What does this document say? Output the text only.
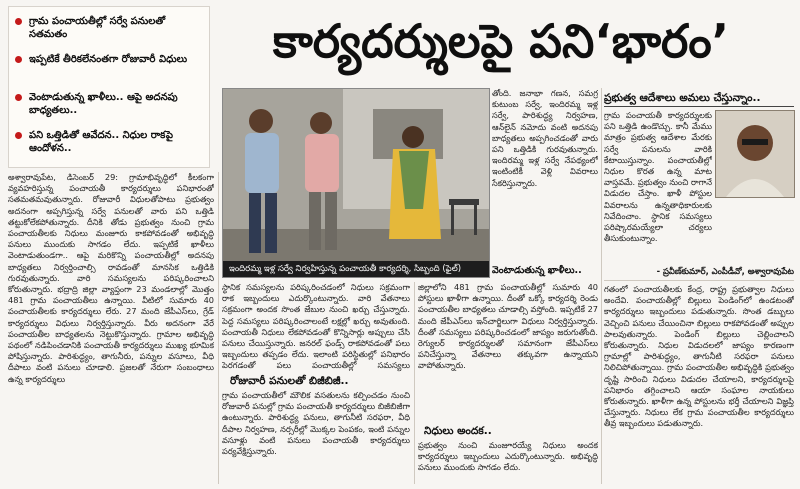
గ్రామ పంచాయతీల్లో సర్వే పనులతో సతమతం
ఇప్పటికే తీరికలేనంతగా రోజువారీ విధులు
వెంటాడుతున్న ఖాళీలు.. ఆపై అదనపు బాధ్యతలు..
పని ఒత్తిడితో ఆవేదన.. నిధుల రాకపై ఆందోళన..
కార్యదర్శులపై పని‘భారం’
ఇందిరమ్మ ఇళ్ల సర్వే నిర్వహిస్తున్న పంచాయతీ కార్యదర్శి, సిబ్బంది (ఫైల్)
అశ్వారావుపేట, డిసెంబర్ 29: గ్రామాభివృద్ధిలో కీలకంగా వ్యవహరిస్తున్న పంచాయతీ కార్యదర్శులు పనిభారంతో సతమతమవుతున్నారు. రోజువారీ విధులతోపాటు ప్రభుత్వం అదనంగా అప్పగిస్తున్న సర్వే పనులతో వారు పని ఒత్తిడి తట్టుకోలేకపోతున్నారు. దీనికి తోడు ప్రభుత్వం నుంచి గ్రామ పంచాయతీలకు నిధులు మంజూరు కాకపోవడంతో అభివృద్ధి పనులు ముందుకు సాగడం లేదు. ఇప్పటికే ఖాళీలు వెంటాడుతుండగా.. ఆపై మరికొన్ని పంచాయతీల్లో అదనపు బాధ్యతలు నిర్వర్తించాల్సి రావడంతో మానసిక ఒత్తిడికి గురవుతున్నారు. వారి సమస్యలను పరిష్కరించాలని కోరుతున్నారు. భద్రాద్రి జిల్లా వ్యాప్తంగా 23 మండలాల్లో మొత్తం 481 గ్రామ పంచాయతీలు ఉన్నాయి. వీటిలో సుమారు 40 పంచాయతీలకు కార్యదర్శులు లేరు. 27 మంది జేపీఎస్‌లు, గ్రేడ్‌ కార్యదర్శులు విధులు నిర్వర్తిస్తున్నారు. వీరు అదనంగా వేరే పంచాయతీల బాధ్యతలను నెట్టుకొస్తున్నారు. గ్రామాల అభివృద్ధి పథంలో నడిపించడానికి పంచాయతీ కార్యదర్శులు ముఖ్య భూమిక పోషిస్తున్నారు. పారిశుద్ధ్యం, తాగునీరు, పన్నుల వసూలు, వీధి దీపాలు వంటి పనులు చూడాలి. ప్రజలతో నేరుగా సంబంధాలు ఉన్న కార్యదర్శులు
స్థానిక సమస్యలను పరిష్కరించడంలో నిధులు సక్రమంగా రాక ఇబ్బందులు ఎదుర్కొంటున్నారు. వారి వేతనాలు సక్రమంగా అందక సొంత జేబుల నుంచి ఖర్చు చేస్తున్నారు. పెద్ద సమస్యలు పరిష్కరించాలంటే లక్షల్లో ఖర్చు అవుతుంది. పంచాయతీ నిధులు లేకపోవడంతో కొన్నిసార్లు అప్పులు చేసి పనులు చేయిస్తున్నారు. జనరల్‌ ఫండ్స్‌ రాకపోవడంతో పలు ఇబ్బందులు తప్పడం లేదు. ఇలాంటి పరిస్థితుల్లో పనిభారం పెరగడంతో పలు పంచాయతీల్లో సమస్యలు
రోజువారీ పనులతో బిజీబిజీ..
గ్రామ పంచాయతీలో మౌలిక వసతులను కల్పించడం నుంచి రోజువారీ పనుల్లో గ్రామ పంచాయతీ కార్యదర్శులు బిజీబిజీగా ఉంటున్నారు. పారిశుద్ధ్య పనులు, తాగునీటి సరఫరా, వీధి దీపాల నిర్వహణ, నర్సరీల్లో మొక్కల పెంపకం, ఇంటి పన్నుల వసూళ్లు వంటి పనులు పంచాయతీ కార్యదర్శులు పర్యవేక్షిస్తున్నారు.
తోంది. జనాభా గణన, సమగ్ర కుటుంబ సర్వే, ఇందిరమ్మ ఇళ్ల సర్వే, పారిశుద్ధ్య నిర్వహణ, ఆన్‌లైన్‌ నమోదు వంటి అదనపు బాధ్యతలు అప్పగించడంతో వారు పని ఒత్తిడికి గురవుతున్నారు. ఇందిరమ్మ ఇళ్ల సర్వే నేపథ్యంలో ఇంటింటికీ వెళ్లి వివరాలు సేకరిస్తున్నారు.
వెంటాడుతున్న ఖాళీలు..
జిల్లాలోని 481 గ్రామ పంచాయతీల్లో సుమారు 40 పోస్టులు ఖాళీగా ఉన్నాయి. దీంతో ఒక్కో కార్యదర్శి రెండు పంచాయతీల బాధ్యతలు చూడాల్సి వస్తోంది. ఇప్పటికే 27 మంది జేపీఎస్‌లు ఇన్‌చార్జిలుగా విధులు నిర్వర్తిస్తున్నారు. దీంతో సమస్యలు పరిష్కరించడంలో జాప్యం జరుగుతోంది. రెగ్యులర్‌ కార్యదర్శులతో సమానంగా జేపీఎస్‌లు పనిచేస్తున్నా వేతనాలు తక్కువగా ఉన్నాయని వాపోతున్నారు.
నిధులు అందక..
ప్రభుత్వం నుంచి మంజూరయ్యే నిధులు అందక కార్యదర్శులు ఇబ్బందులు ఎదుర్కొంటున్నారు. అభివృద్ధి పనులు ముందుకు సాగడం లేదు.
ప్రభుత్వ ఆదేశాలు అమలు చేస్తున్నాం..
గ్రామ పంచాయతీ కార్యదర్శులకు పని ఒత్తిడి ఉండొచ్చు. కానీ మేము మాత్రం ప్రభుత్వ ఆదేశాల మేరకు సర్వే పనులను వారికి కేటాయిస్తున్నాం. పంచాయతీల్లో నిధుల కొరత ఉన్న మాట వాస్తవమే. ప్రభుత్వం నుంచి రాగానే విడుదల చేస్తాం. ఖాళీ పోస్టుల వివరాలను ఉన్నతాధికారులకు నివేదించాం. స్థానిక సమస్యలు పరిష్కారమయ్యేలా చర్యలు తీసుకుంటున్నాం.
- ప్రవీణ్‌కుమార్‌, ఎంపీడీవో, అశ్వారావుపేట
గతంలో పంచాయతీలకు కేంద్ర, రాష్ట్ర ప్రభుత్వాల నిధులు అందేవి. పంచాయతీల్లో బిల్లులు పెండింగ్‌లో ఉండటంతో కార్యదర్శులు ఇబ్బందులు పడుతున్నారు. సొంత డబ్బులు వెచ్చించి పనులు చేయించినా బిల్లులు రాకపోవడంతో అప్పుల పాలవుతున్నారు. పెండింగ్‌ బిల్లులు చెల్లించాలని కోరుతున్నారు. నిధుల విడుదలలో జాప్యం కారణంగా గ్రామాల్లో పారిశుద్ధ్యం, తాగునీటి సరఫరా పనులు నిలిచిపోతున్నాయి. గ్రామ పంచాయతీల అభివృద్ధికి ప్రభుత్వం దృష్టి సారించి నిధులు విడుదల చేయాలని, కార్యదర్శులపై పనిభారం తగ్గించాలని ఆయా సంఘాల నాయకులు కోరుతున్నారు. ఖాళీగా ఉన్న పోస్టులను భర్తీ చేయాలని విజ్ఞప్తి చేస్తున్నారు. నిధులు లేక గ్రామ పంచాయతీల కార్యదర్శులు తీవ్ర ఇబ్బందులు పడుతున్నారు.
